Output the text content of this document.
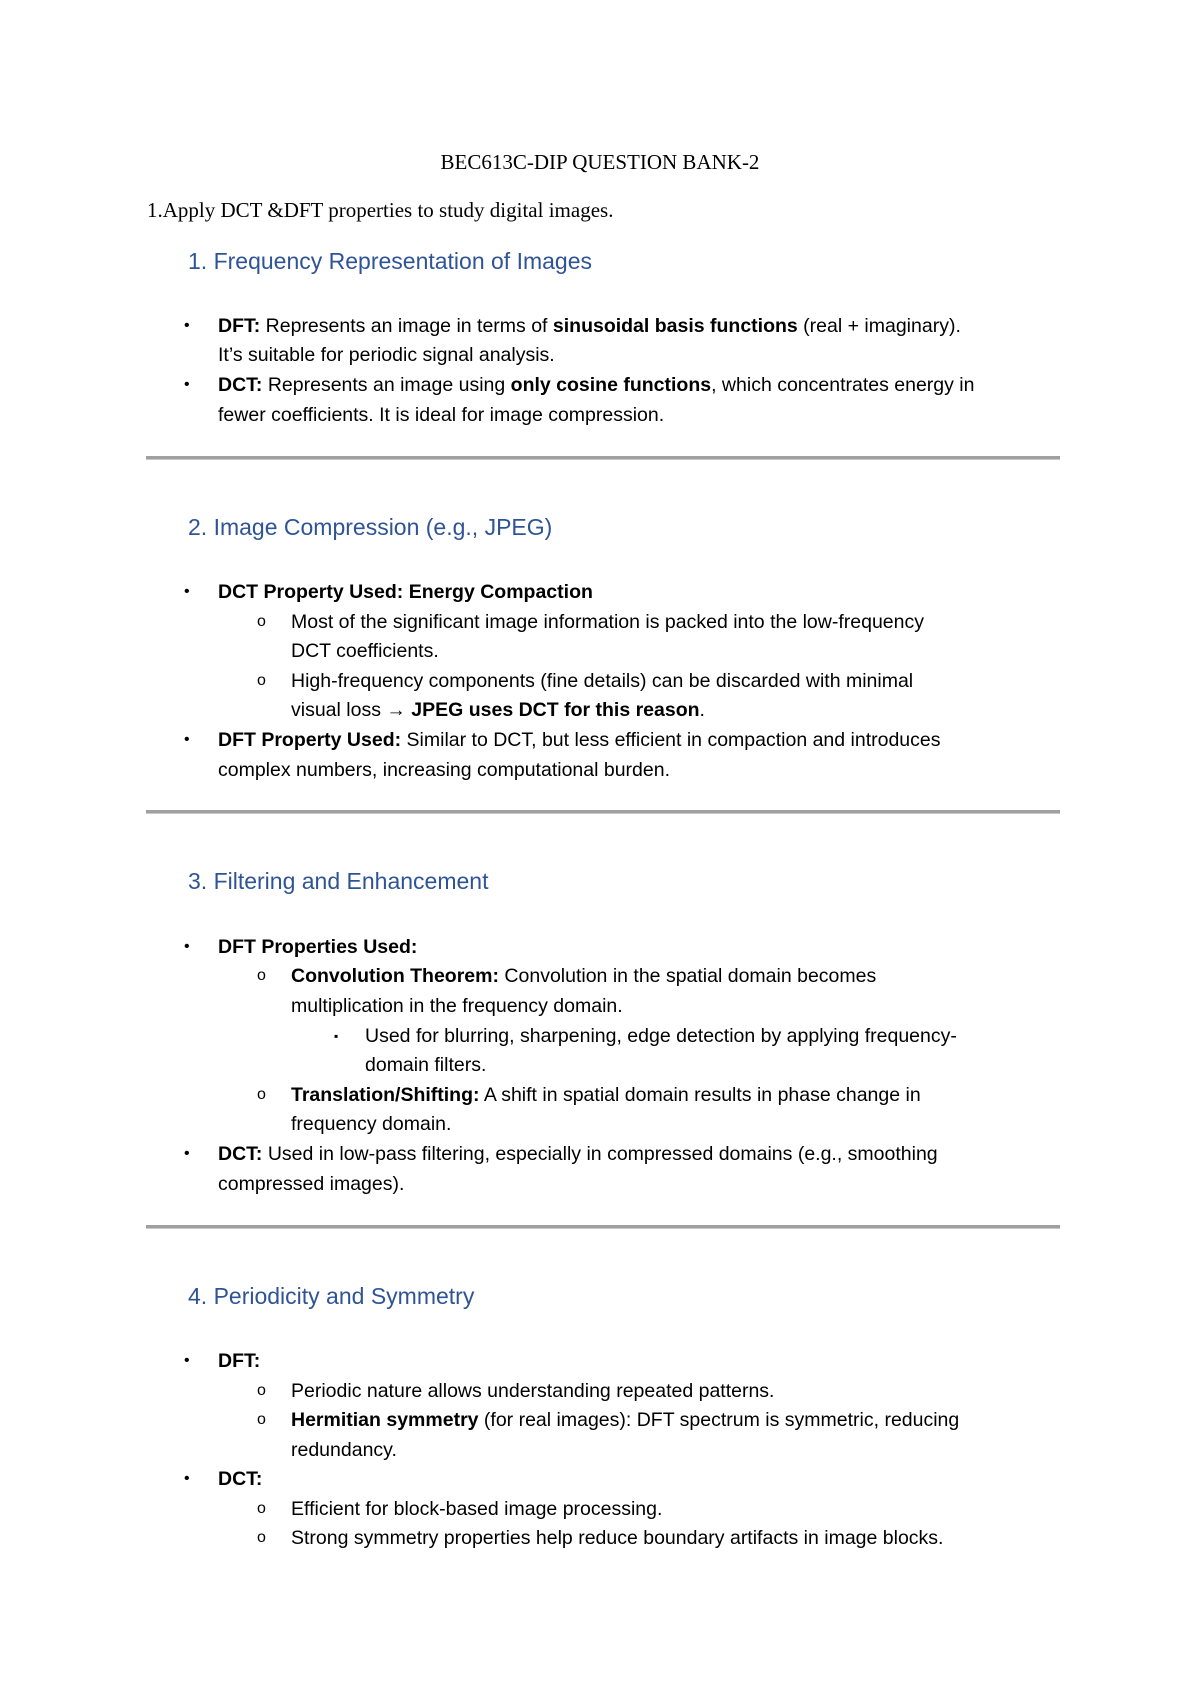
BEC613C-DIP QUESTION BANK-2
1.Apply DCT &DFT properties to study digital images.
1. Frequency Representation of Images
• DFT: Represents an image in terms of sinusoidal basis functions (real + imaginary).
It’s suitable for periodic signal analysis.
• DCT: Represents an image using only cosine functions, which concentrates energy in
fewer coefficients. It is ideal for image compression.
2. Image Compression (e.g., JPEG)
• DCT Property Used: Energy Compaction
o Most of the significant image information is packed into the low-frequency
DCT coefficients.
o High-frequency components (fine details) can be discarded with minimal
visual loss → JPEG uses DCT for this reason.
• DFT Property Used: Similar to DCT, but less efficient in compaction and introduces
complex numbers, increasing computational burden.
3. Filtering and Enhancement
• DFT Properties Used:
o Convolution Theorem: Convolution in the spatial domain becomes
multiplication in the frequency domain.
▪ Used for blurring, sharpening, edge detection by applying frequency-
domain filters.
o Translation/Shifting: A shift in spatial domain results in phase change in
frequency domain.
• DCT: Used in low-pass filtering, especially in compressed domains (e.g., smoothing
compressed images).
4. Periodicity and Symmetry
• DFT:
o Periodic nature allows understanding repeated patterns.
o Hermitian symmetry (for real images): DFT spectrum is symmetric, reducing
redundancy.
• DCT:
o Efficient for block-based image processing.
o Strong symmetry properties help reduce boundary artifacts in image blocks.
